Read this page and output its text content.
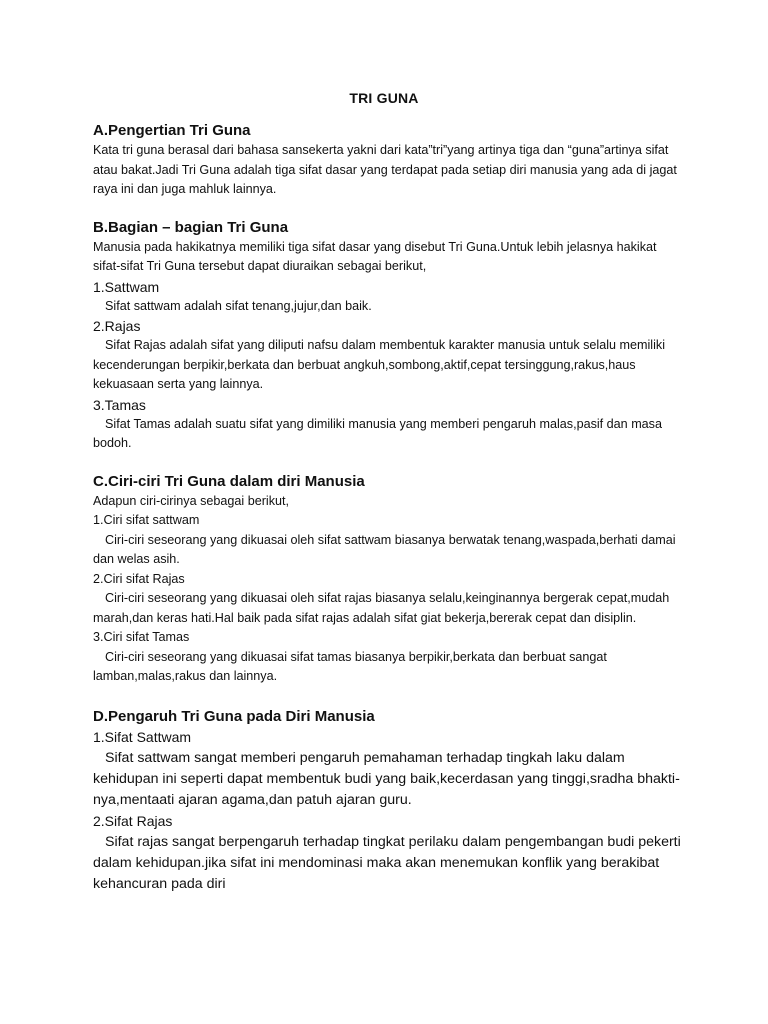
TRI GUNA

A.Pengertian Tri Guna

Kata tri guna berasal dari bahasa sansekerta yakni dari kata”tri”yang artinya tiga dan “guna”artinya sifat atau bakat.Jadi Tri Guna adalah tiga sifat dasar yang terdapat pada setiap diri manusia yang ada di jagat raya ini dan juga mahluk lainnya.

B.Bagian – bagian Tri Guna

Manusia pada hakikatnya memiliki tiga sifat dasar yang disebut Tri Guna.Untuk lebih jelasnya hakikat sifat-sifat Tri Guna tersebut dapat diuraikan sebagai berikut,

1.Sattwam

Sifat sattwam adalah sifat tenang,jujur,dan baik.

2.Rajas

Sifat Rajas adalah sifat yang diliputi nafsu dalam membentuk karakter manusia untuk selalu memiliki kecenderungan berpikir,berkata dan berbuat angkuh,sombong,aktif,cepat tersinggung,rakus,haus kekuasaan serta yang lainnya.

3.Tamas

Sifat Tamas adalah suatu sifat yang dimiliki manusia yang memberi pengaruh malas,pasif dan masa bodoh.

C.Ciri-ciri Tri Guna dalam diri Manusia

Adapun ciri-cirinya sebagai berikut,

1.Ciri sifat sattwam

Ciri-ciri seseorang yang dikuasai oleh sifat sattwam biasanya berwatak tenang,waspada,berhati damai dan welas asih.

2.Ciri sifat Rajas

Ciri-ciri seseorang yang dikuasai oleh sifat rajas biasanya selalu,keinginannya bergerak cepat,mudah marah,dan keras hati.Hal baik pada sifat rajas adalah sifat giat bekerja,bererak cepat dan disiplin.

3.Ciri sifat Tamas

Ciri-ciri seseorang yang dikuasai sifat tamas biasanya berpikir,berkata dan berbuat sangat lamban,malas,rakus dan lainnya.

D.Pengaruh Tri Guna pada Diri Manusia

1.Sifat Sattwam

Sifat sattwam sangat memberi pengaruh pemahaman terhadap tingkah laku dalam kehidupan ini seperti dapat membentuk budi yang baik,kecerdasan yang tinggi,sradha bhakti-nya,mentaati ajaran agama,dan patuh ajaran guru.

2.Sifat Rajas

Sifat rajas sangat berpengaruh terhadap tingkat perilaku dalam pengembangan budi pekerti dalam kehidupan.jika sifat ini mendominasi maka akan menemukan konflik yang berakibat kehancuran pada diri
